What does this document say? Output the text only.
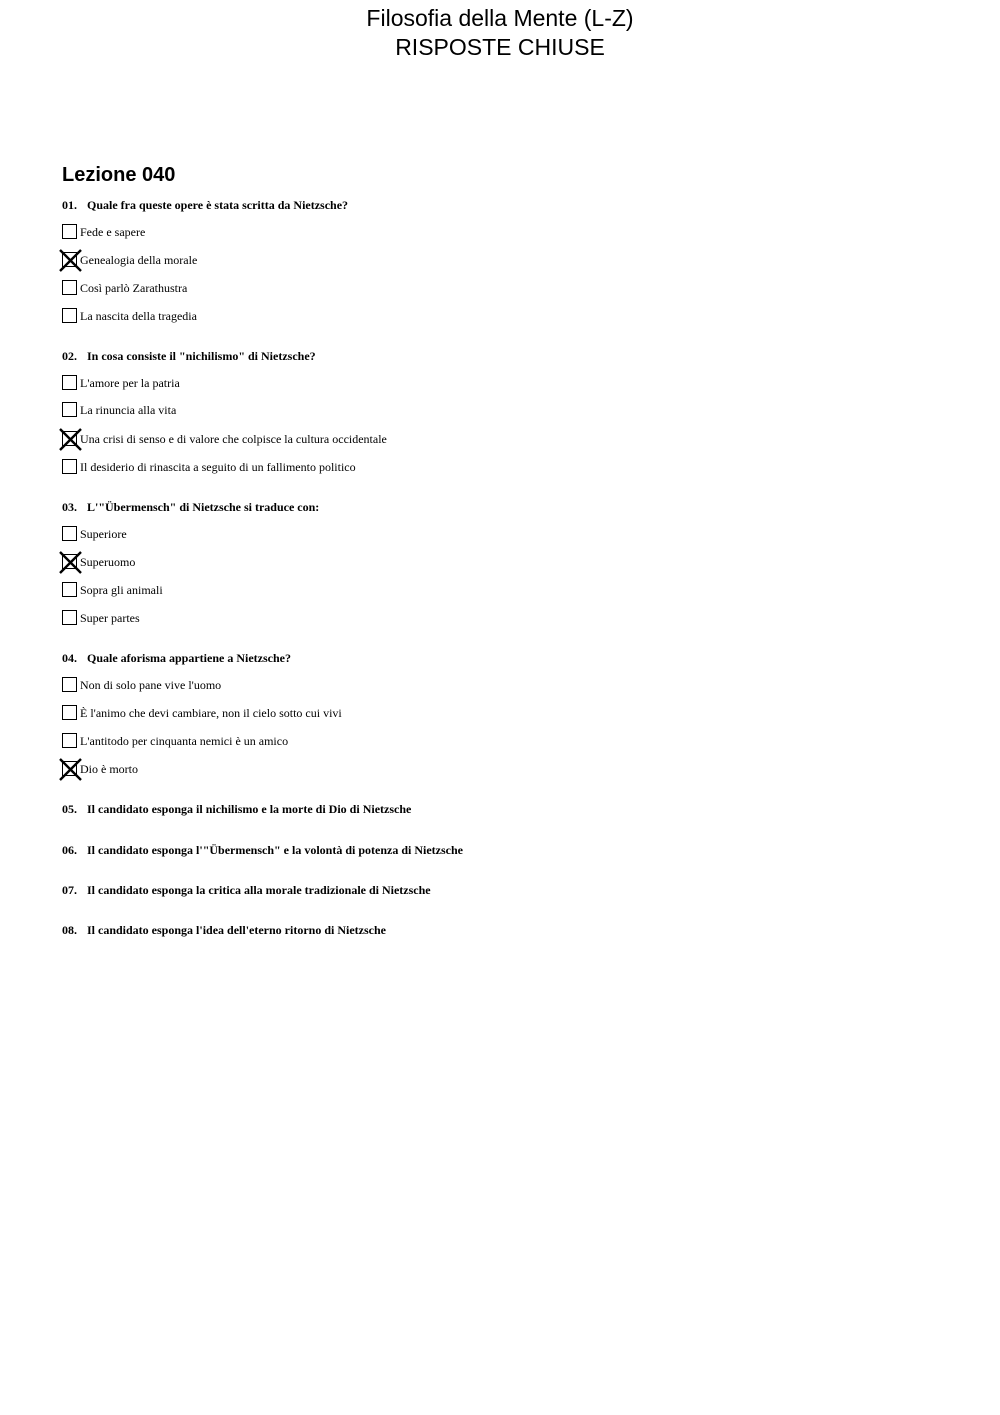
Filosofia della Mente (L-Z)
RISPOSTE CHIUSE
Lezione 040

01. Quale fra queste opere è stata scritta da Nietzsche?

Fede e sapere
Genealogia della morale
Così parlò Zarathustra
La nascita della tragedia

02. In cosa consiste il "nichilismo" di Nietzsche?

L'amore per la patria
La rinuncia alla vita
Una crisi di senso e di valore che colpisce la cultura occidentale
Il desiderio di rinascita a seguito di un fallimento politico

03. L'"Übermensch" di Nietzsche si traduce con:

Superiore
Superuomo
Sopra gli animali
Super partes

04. Quale aforisma appartiene a Nietzsche?

Non di solo pane vive l'uomo
È l'animo che devi cambiare, non il cielo sotto cui vivi
L'antitodo per cinquanta nemici è un amico
Dio è morto

05. Il candidato esponga il nichilismo e la morte di Dio di Nietzsche

06. Il candidato esponga l'"Übermensch" e la volontà di potenza di Nietzsche

07. Il candidato esponga la critica alla morale tradizionale di Nietzsche

08. Il candidato esponga l'idea dell'eterno ritorno di Nietzsche
